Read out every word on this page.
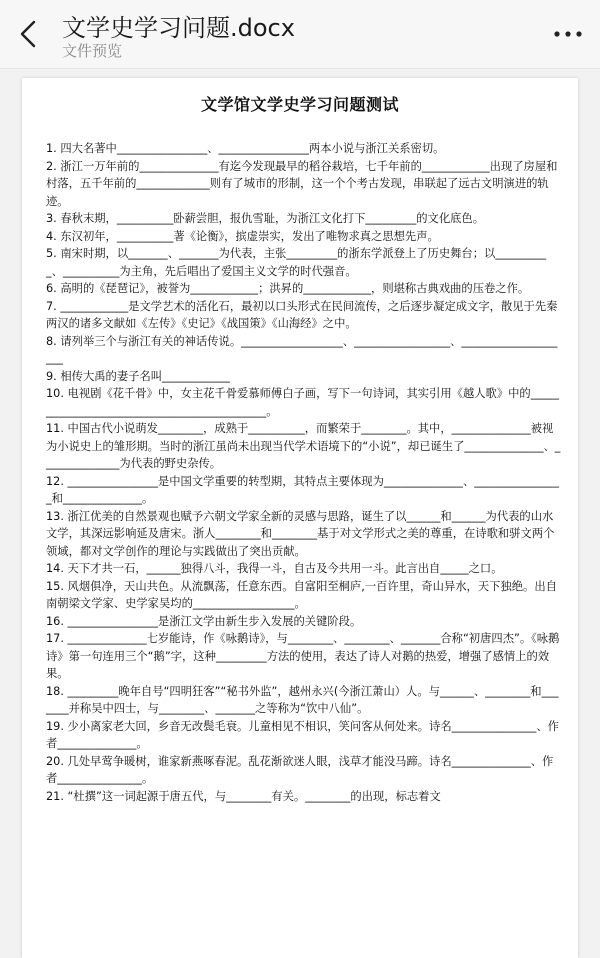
文学史学习问题.docx
文件预览
文学馆文学史学习问题测试

1. 四大名著中________________、________________两本小说与浙江关系密切。

2. 浙江一万年前的______________有迄今发现最早的稻谷栽培，七千年前的____________出现了房屋和村落，五千年前的_____________则有了城市的形制，这一个个考古发现，串联起了远古文明演进的轨迹。

3. 春秋末期，__________卧薪尝胆，报仇雪耻，为浙江文化打下_________的文化底色。

4. 东汉初年，__________著《论衡》，摈虚崇实，发出了唯物求真之思想先声。

5. 南宋时期，以_______、_______为代表，主张_________的浙东学派登上了历史舞台；以__________、__________为主角，先后唱出了爱国主义文学的时代强音。

6. 高明的《琵琶记》，被誉为____________；洪昇的____________，则堪称古典戏曲的压卷之作。

7. ____________是文学艺术的活化石，最初以口头形式在民间流传，之后逐步凝定成文字，散见于先秦两汉的诸多文献如《左传》《史记》《战国策》《山海经》之中。

8. 请列举三个与浙江有关的神话传说。__________________、_________________、____________________

9. 相传大禹的妻子名叫____________

10. 电视剧《花千骨》中，女主花千骨爱慕师傅白子画，写下一句诗词，其实引用《越人歌》中的____________________________________________。

11. 中国古代小说萌发________，成熟于__________，而繁荣于________。其中，______________被视为小说史上的雏形期。当时的浙江虽尚未出现当代学术语境下的“小说”，却已诞生了______________、______________为代表的野史杂传。

12. ________________是中国文学重要的转型期，其特点主要体现为______________、________________和______________。

13. 浙江优美的自然景观也赋予六朝文学家全新的灵感与思路，诞生了以______和______为代表的山水文学，其深远影响延及唐宋。浙人________和________基于对文学形式之美的尊重，在诗歌和骈文两个领域，都对文学创作的理论与实践做出了突出贡献。

14. 天下才共一石，______独得八斗，我得一斗，自古及今共用一斗。此言出自_____之口。

15. 风烟俱净，天山共色。从流飘荡，任意东西。自富阳至桐庐,一百许里，奇山异水，天下独绝。出自南朝梁文学家、史学家吴均的__________________。

16. ________________是浙江文学由新生步入发展的关键阶段。

17. ______________七岁能诗，作《咏鹅诗》，与________、________、_______合称“初唐四杰”。《咏鹅诗》第一句连用三个“鹅”字，这种_________方法的使用，表达了诗人对鹅的热爱，增强了感情上的效果。

18. _________晚年自号“四明狂客”“秘书外监”，越州永兴(今浙江萧山）人。与______、________和_______并称吴中四士，与________、_______之等称为“饮中八仙”。

19. 少小离家老大回，乡音无改鬓毛衰。儿童相见不相识，笑问客从何处来。诗名_______________、作者______________。

20. 几处早莺争暖树，谁家新燕啄春泥。乱花渐欲迷人眼，浅草才能没马蹄。诗名______________、作者_______________。

21. “杜撰”这一词起源于唐五代，与________有关。________的出现，标志着文
